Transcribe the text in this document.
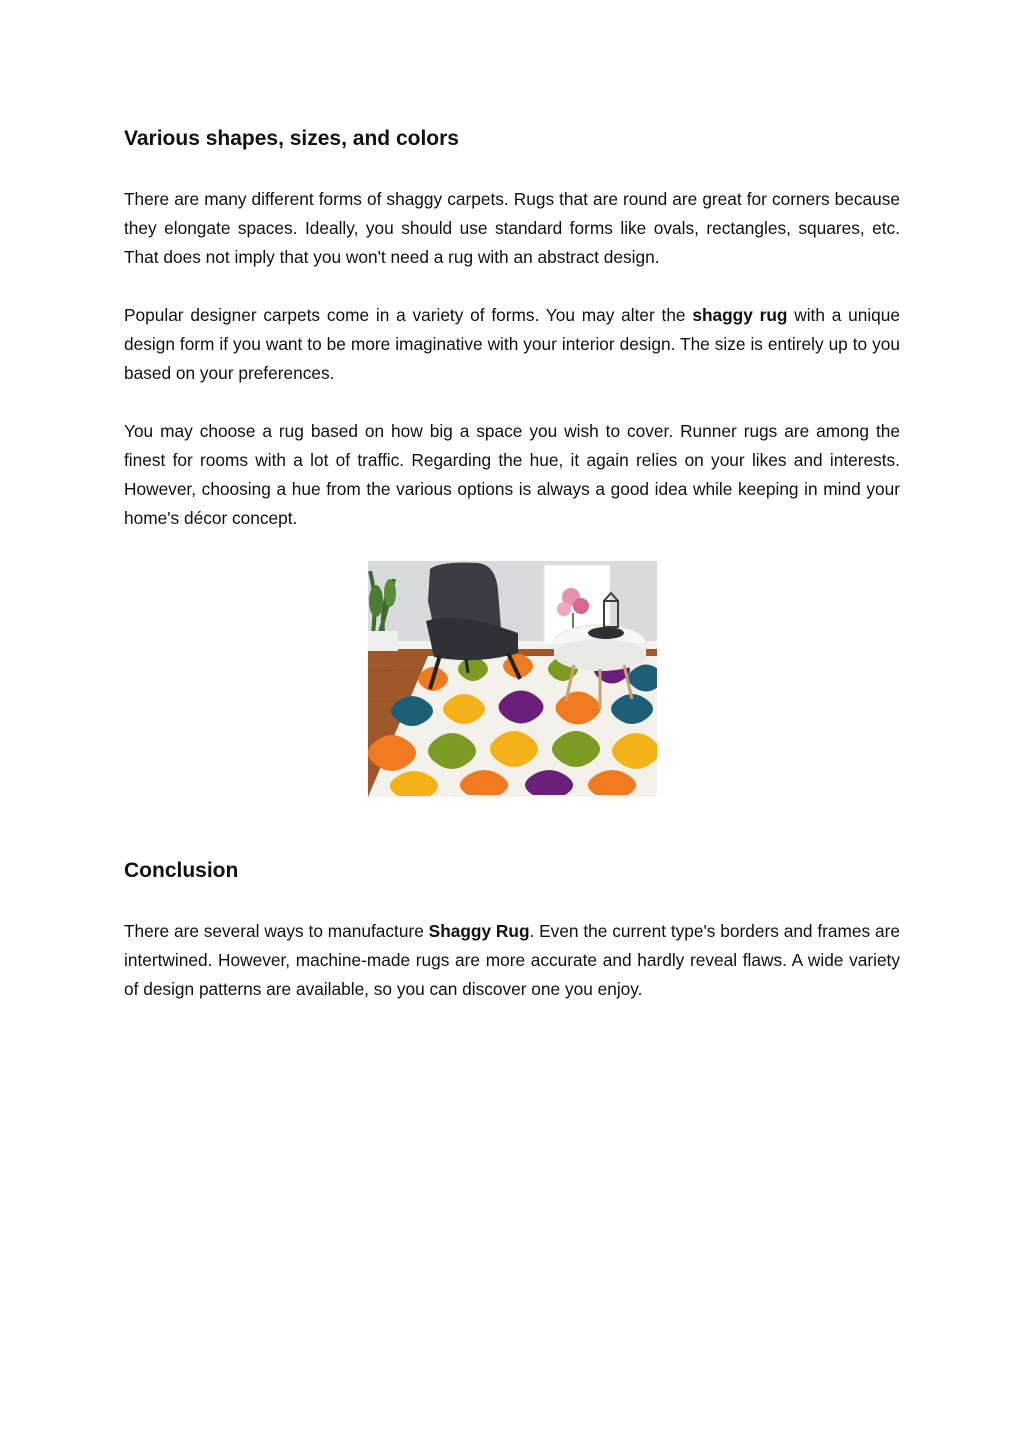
Various shapes, sizes, and colors

There are many different forms of shaggy carpets. Rugs that are round are great for corners because they elongate spaces. Ideally, you should use standard forms like ovals, rectangles, squares, etc. That does not imply that you won't need a rug with an abstract design.

Popular designer carpets come in a variety of forms. You may alter the shaggy rug with a unique design form if you want to be more imaginative with your interior design. The size is entirely up to you based on your preferences.

You may choose a rug based on how big a space you wish to cover. Runner rugs are among the finest for rooms with a lot of traffic. Regarding the hue, it again relies on your likes and interests. However, choosing a hue from the various options is always a good idea while keeping in mind your home's décor concept.

Conclusion

There are several ways to manufacture Shaggy Rug. Even the current type's borders and frames are intertwined. However, machine-made rugs are more accurate and hardly reveal flaws. A wide variety of design patterns are available, so you can discover one you enjoy.
